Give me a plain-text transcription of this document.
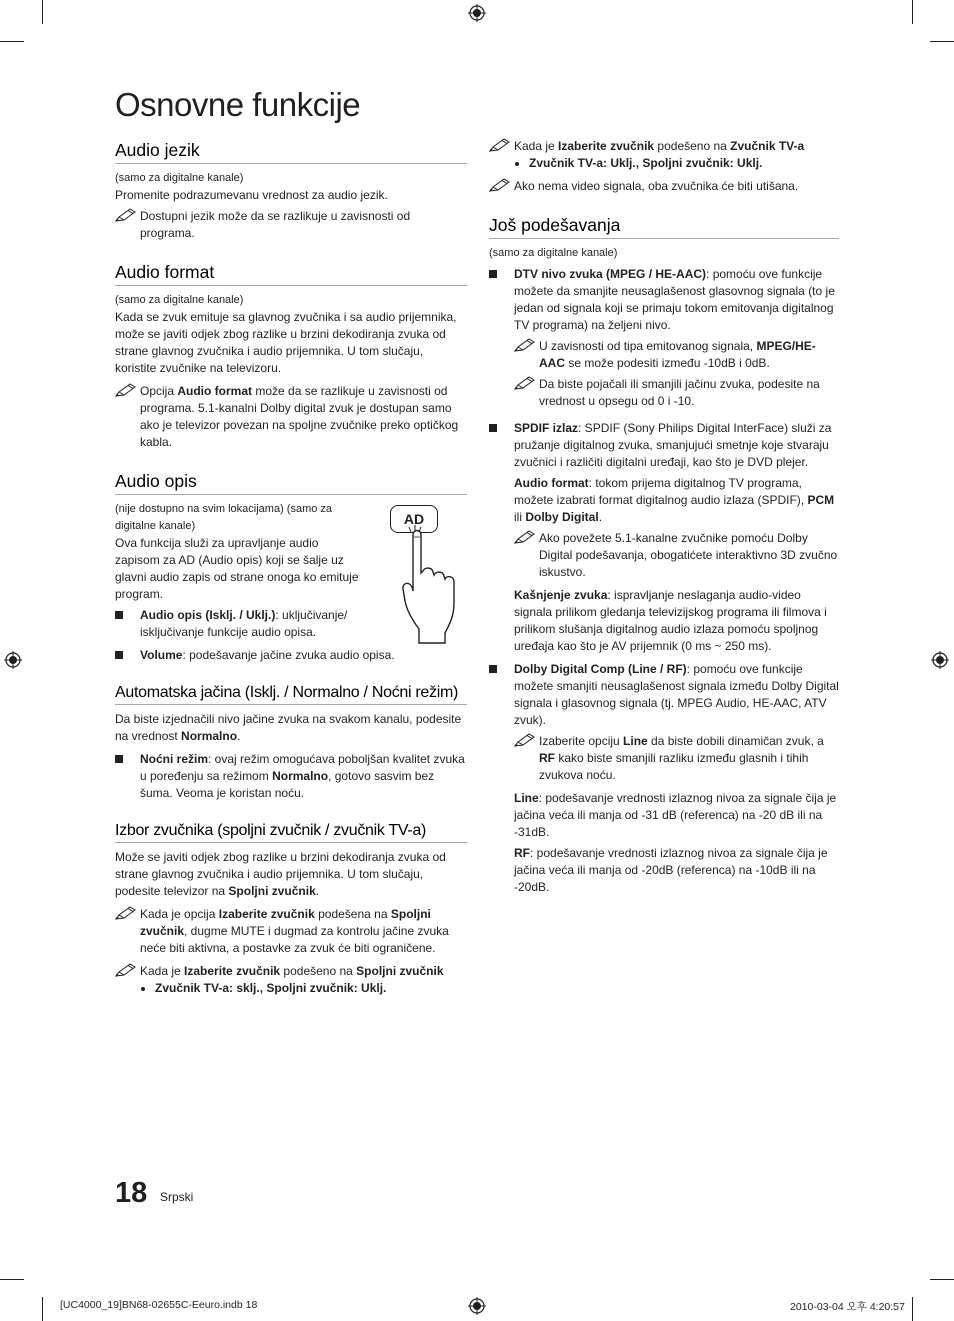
Osnovne funkcije
Audio jezik
(samo za digitalne kanale)
Promenite podrazumevanu vrednost za audio jezik.
Dostupni jezik može da se razlikuje u zavisnosti od programa.
Audio format
(samo za digitalne kanale)
Kada se zvuk emituje sa glavnog zvučnika i sa audio prijemnika, može se javiti odjek zbog razlike u brzini dekodiranja zvuka od strane glavnog zvučnika i audio prijemnika. U tom slučaju, koristite zvučnike na televizoru.
Opcija Audio format može da se razlikuje u zavisnosti od programa. 5.1-kanalni Dolby digital zvuk je dostupan samo ako je televizor povezan na spoljne zvučnike preko optičkog kabla.
Audio opis
(nije dostupno na svim lokacijama) (samo za digitalne kanale)
Ova funkcija služi za upravljanje audio zapisom za AD (Audio opis) koji se šalje uz glavni audio zapis od strane onoga ko emituje program.
AD
Audio opis (Isklj. / Uklj.): uključivanje/ isključivanje funkcije audio opisa.
Volume: podešavanje jačine zvuka audio opisa.
Automatska jačina (Isklj. / Normalno / Noćni režim)
Da biste izjednačili nivo jačine zvuka na svakom kanalu, podesite na vrednost Normalno.
Noćni režim: ovaj režim omogućava poboljšan kvalitet zvuka u poređenju sa režimom Normalno, gotovo sasvim bez šuma. Veoma je koristan noću.
Izbor zvučnika (spoljni zvučnik / zvučnik TV-a)
Može se javiti odjek zbog razlike u brzini dekodiranja zvuka od strane glavnog zvučnika i audio prijemnika. U tom slučaju, podesite televizor na Spoljni zvučnik.
Kada je opcija Izaberite zvučnik podešena na Spoljni zvučnik, dugme MUTE i dugmad za kontrolu jačine zvuka neće biti aktivna, a postavke za zvuk će biti ograničene.
Kada je Izaberite zvučnik podešeno na Spoljni zvučnik
Zvučnik TV-a: sklj., Spoljni zvučnik: Uklj.
Kada je Izaberite zvučnik podešeno na Zvučnik TV-a
Zvučnik TV-a: Uklj., Spoljni zvučnik: Uklj.
Ako nema video signala, oba zvučnika će biti utišana.
Još podešavanja
(samo za digitalne kanale)
DTV nivo zvuka (MPEG / HE-AAC): pomoću ove funkcije možete da smanjite neusaglašenost glasovnog signala (to je jedan od signala koji se primaju tokom emitovanja digitalnog TV programa) na željeni nivo.
U zavisnosti od tipa emitovanog signala, MPEG/HE-AAC se može podesiti između -10dB i 0dB.
Da biste pojačali ili smanjili jačinu zvuka, podesite na vrednost u opsegu od 0 i -10.
SPDIF izlaz: SPDIF (Sony Philips Digital InterFace) služi za pružanje digitalnog zvuka, smanjujući smetnje koje stvaraju zvučnici i različiti digitalni uređaji, kao što je DVD plejer.
Audio format: tokom prijema digitalnog TV programa, možete izabrati format digitalnog audio izlaza (SPDIF), PCM ili Dolby Digital.
Ako povežete 5.1-kanalne zvučnike pomoću Dolby Digital podešavanja, obogatićete interaktivno 3D zvučno iskustvo.
Kašnjenje zvuka: ispravljanje neslaganja audio-video signala prilikom gledanja televizijskog programa ili filmova i prilikom slušanja digitalnog audio izlaza pomoću spoljnog uređaja kao što je AV prijemnik (0 ms ~ 250 ms).
Dolby Digital Comp (Line / RF): pomoću ove funkcije možete smanjiti neusaglašenost signala između Dolby Digital signala i glasovnog signala (tj. MPEG Audio, HE-AAC, ATV zvuk).
Izaberite opciju Line da biste dobili dinamičan zvuk, a RF kako biste smanjili razliku između glasnih i tihih zvukova noću.
Line: podešavanje vrednosti izlaznog nivoa za signale čija je jačina veća ili manja od -31 dB (referenca) na -20 dB ili na -31dB.
RF: podešavanje vrednosti izlaznog nivoa za signale čija je jačina veća ili manja od -20dB (referenca) na -10dB ili na -20dB.
18 Srpski
[UC4000_19]BN68-02655C-Eeuro.indb 18	2010-03-04 오후 4:20:57
